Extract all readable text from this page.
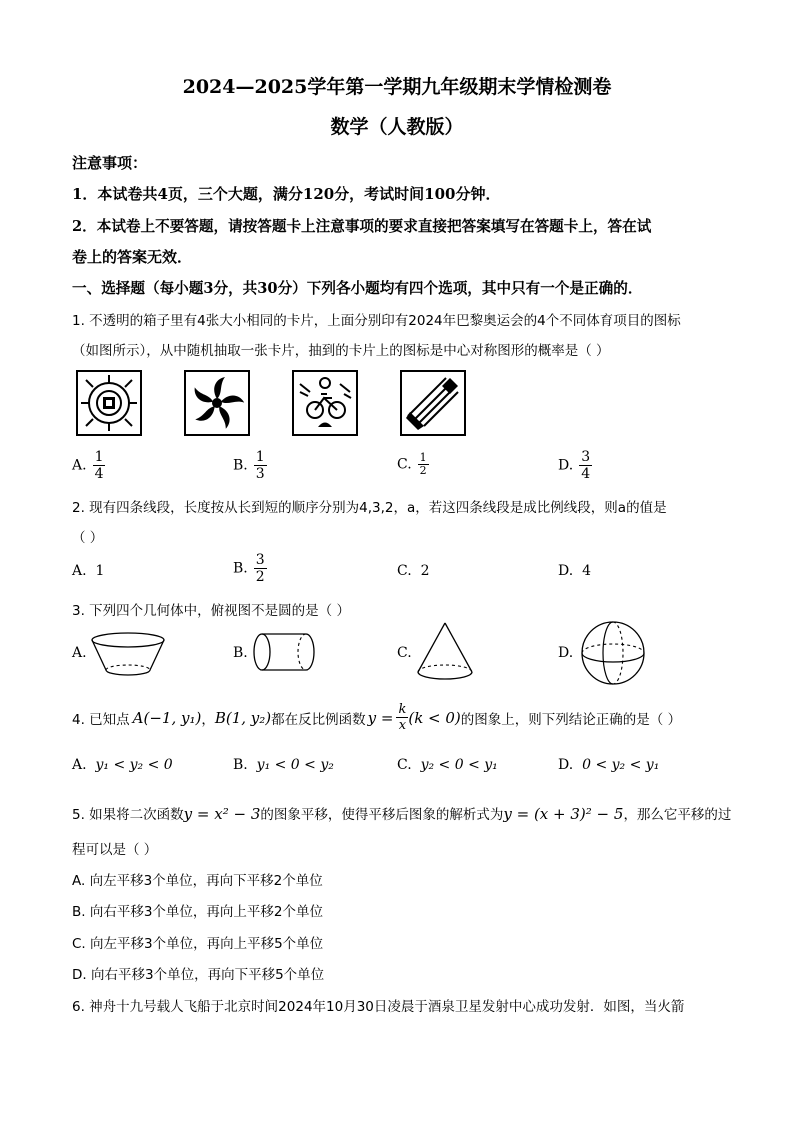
2024—2025学年第一学期九年级期末学情检测卷
数学（人教版）
注意事项：
1．本试卷共4页，三个大题，满分120分，考试时间100分钟．
2．本试卷上不要答题，请按答题卡上注意事项的要求直接把答案填写在答题卡上，答在试
卷上的答案无效．
一、选择题（每小题3分，共30分）下列各小题均有四个选项，其中只有一个是正确的．
1. 不透明的箱子里有4张大小相同的卡片，上面分别印有2024年巴黎奥运会的4个不同体育项目的图标
（如图所示），从中随机抽取一张卡片，抽到的卡片上的图标是中心对称图形的概率是（ ）
A. $\frac{1}{4}$	B. $\frac{1}{3}$	C. $\frac{1}{2}$	D. $\frac{3}{4}$
2. 现有四条线段，长度按从长到短的顺序分别为4,3,2，a，若这四条线段是成比例线段，则a的值是
（ ）
A. 1	B. $\frac{3}{2}$	C. 2	D. 4
3. 下列四个几何体中，俯视图不是圆的是（ ）
A.	B.	C.	D.
4. 已知点 A(−1, y₁) ， B(1, y₂) 都在反比例函数 $y = \frac{k}{x} (k < 0)$ 的图象上，则下列结论正确的是（ ）
A. y₁ < y₂ < 0	B. y₁ < 0 < y₂	C. y₂ < 0 < y₁	D. 0 < y₂ < y₁
5. 如果将二次函数y = x² − 3的图象平移，使得平移后图象的解析式为y = (x + 3)² − 5，那么它平移的过
程可以是（ ）
A. 向左平移3个单位，再向下平移2个单位
B. 向右平移3个单位，再向上平移2个单位
C. 向左平移3个单位，再向上平移5个单位
D. 向右平移3个单位，再向下平移5个单位
6. 神舟十九号载人飞船于北京时间2024年10月30日凌晨于酒泉卫星发射中心成功发射．如图，当火箭
